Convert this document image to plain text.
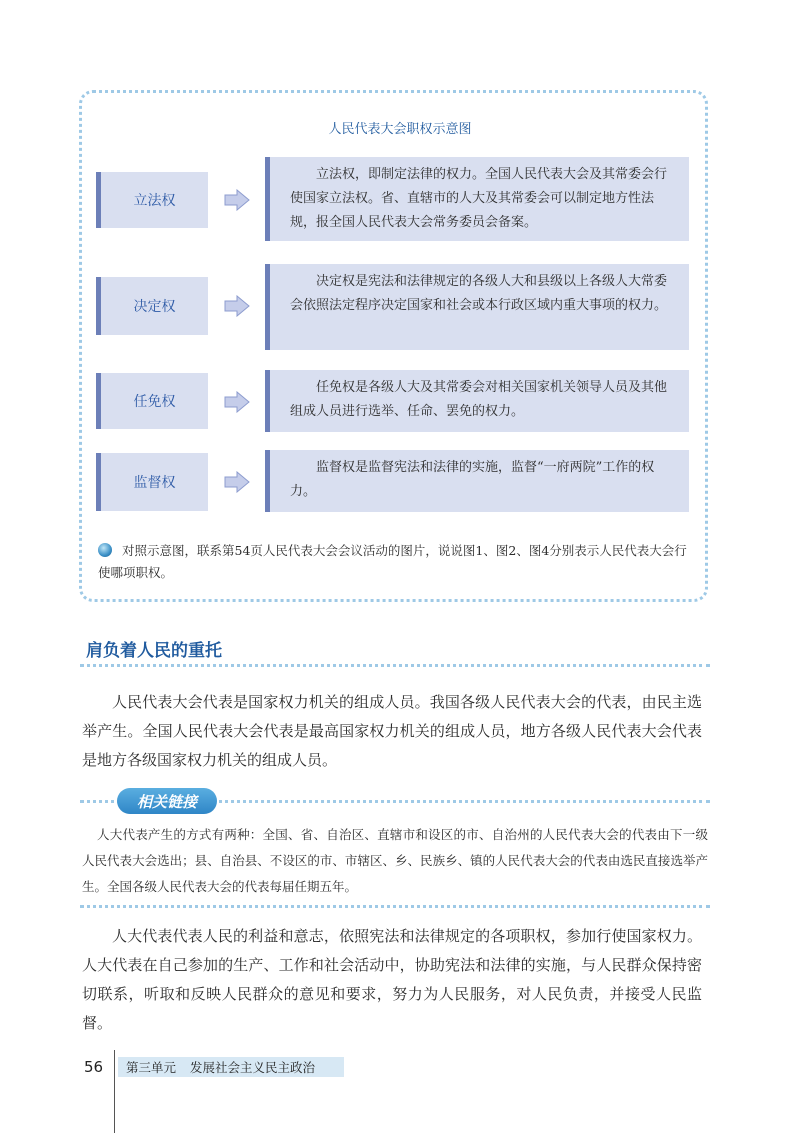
人民代表大会职权示意图
立法权
立法权，即制定法律的权力。全国人民代表大会及其常委会行使国家立法权。省、直辖市的人大及其常委会可以制定地方性法规，报全国人民代表大会常务委员会备案。
决定权
决定权是宪法和法律规定的各级人大和县级以上各级人大常委会依照法定程序决定国家和社会或本行政区域内重大事项的权力。
任免权
任免权是各级人大及其常委会对相关国家机关领导人员及其他组成人员进行选举、任命、罢免的权力。
监督权
监督权是监督宪法和法律的实施，监督“一府两院”工作的权力。
对照示意图，联系第54页人民代表大会会议活动的图片，说说图1、图2、图4分别表示人民代表大会行使哪项职权。
肩负着人民的重托
人民代表大会代表是国家权力机关的组成人员。我国各级人民代表大会的代表，由民主选举产生。全国人民代表大会代表是最高国家权力机关的组成人员，地方各级人民代表大会代表是地方各级国家权力机关的组成人员。
相关链接
人大代表产生的方式有两种：全国、省、自治区、直辖市和设区的市、自治州的人民代表大会的代表由下一级人民代表大会选出；县、自治县、不设区的市、市辖区、乡、民族乡、镇的人民代表大会的代表由选民直接选举产生。全国各级人民代表大会的代表每届任期五年。
人大代表代表人民的利益和意志，依照宪法和法律规定的各项职权，参加行使国家权力。人大代表在自己参加的生产、工作和社会活动中，协助宪法和法律的实施，与人民群众保持密切联系，听取和反映人民群众的意见和要求，努力为人民服务，对人民负责，并接受人民监督。
56 第三单元 发展社会主义民主政治
